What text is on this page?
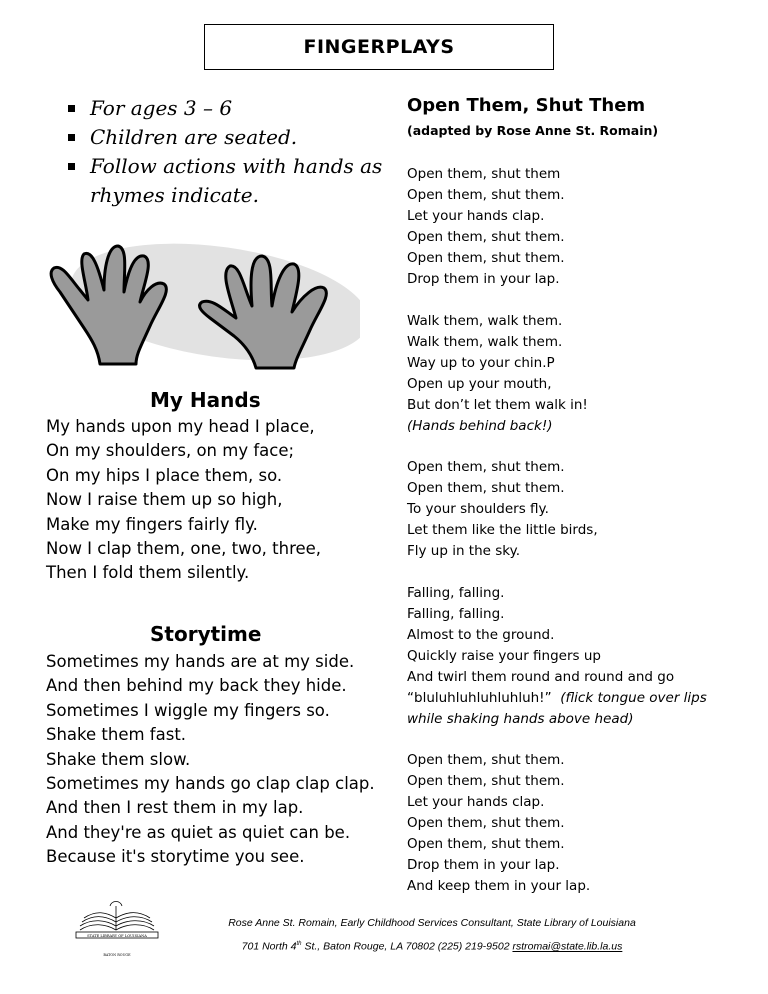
FINGERPLAYS
For ages 3 – 6
Children are seated.
Follow actions with hands as
rhymes indicate.
My Hands
My hands upon my head I place,
On my shoulders, on my face;
On my hips I place them, so.
Now I raise them up so high,
Make my fingers fairly fly.
Now I clap them, one, two, three,
Then I fold them silently.
Storytime
Sometimes my hands are at my side.
And then behind my back they hide.
Sometimes I wiggle my fingers so.
Shake them fast.
Shake them slow.
Sometimes my hands go clap clap clap.
And then I rest them in my lap.
And they're as quiet as quiet can be.
Because it's storytime you see.
Open Them, Shut Them
(adapted by Rose Anne St. Romain)
Open them, shut them
Open them, shut them.
Let your hands clap.
Open them, shut them.
Open them, shut them.
Drop them in your lap.
Walk them, walk them.
Walk them, walk them.
Way up to your chin.P
Open up your mouth,
But don’t let them walk in!
(Hands behind back!)
Open them, shut them.
Open them, shut them.
To your shoulders fly.
Let them like the little birds,
Fly up in the sky.
Falling, falling.
Falling, falling.
Almost to the ground.
Quickly raise your fingers up
And twirl them round and round and go
“bluluhluhluhluhluh!” (flick tongue over lips
while shaking hands above head)
Open them, shut them.
Open them, shut them.
Let your hands clap.
Open them, shut them.
Open them, shut them.
Drop them in your lap.
And keep them in your lap.
STATE LIBRARY OF LOUISIANA
BATON ROUGE
Rose Anne St. Romain, Early Childhood Services Consultant, State Library of Louisiana
701 North 4th St., Baton Rouge, LA 70802 (225) 219-9502 rstromai@state.lib.la.us
